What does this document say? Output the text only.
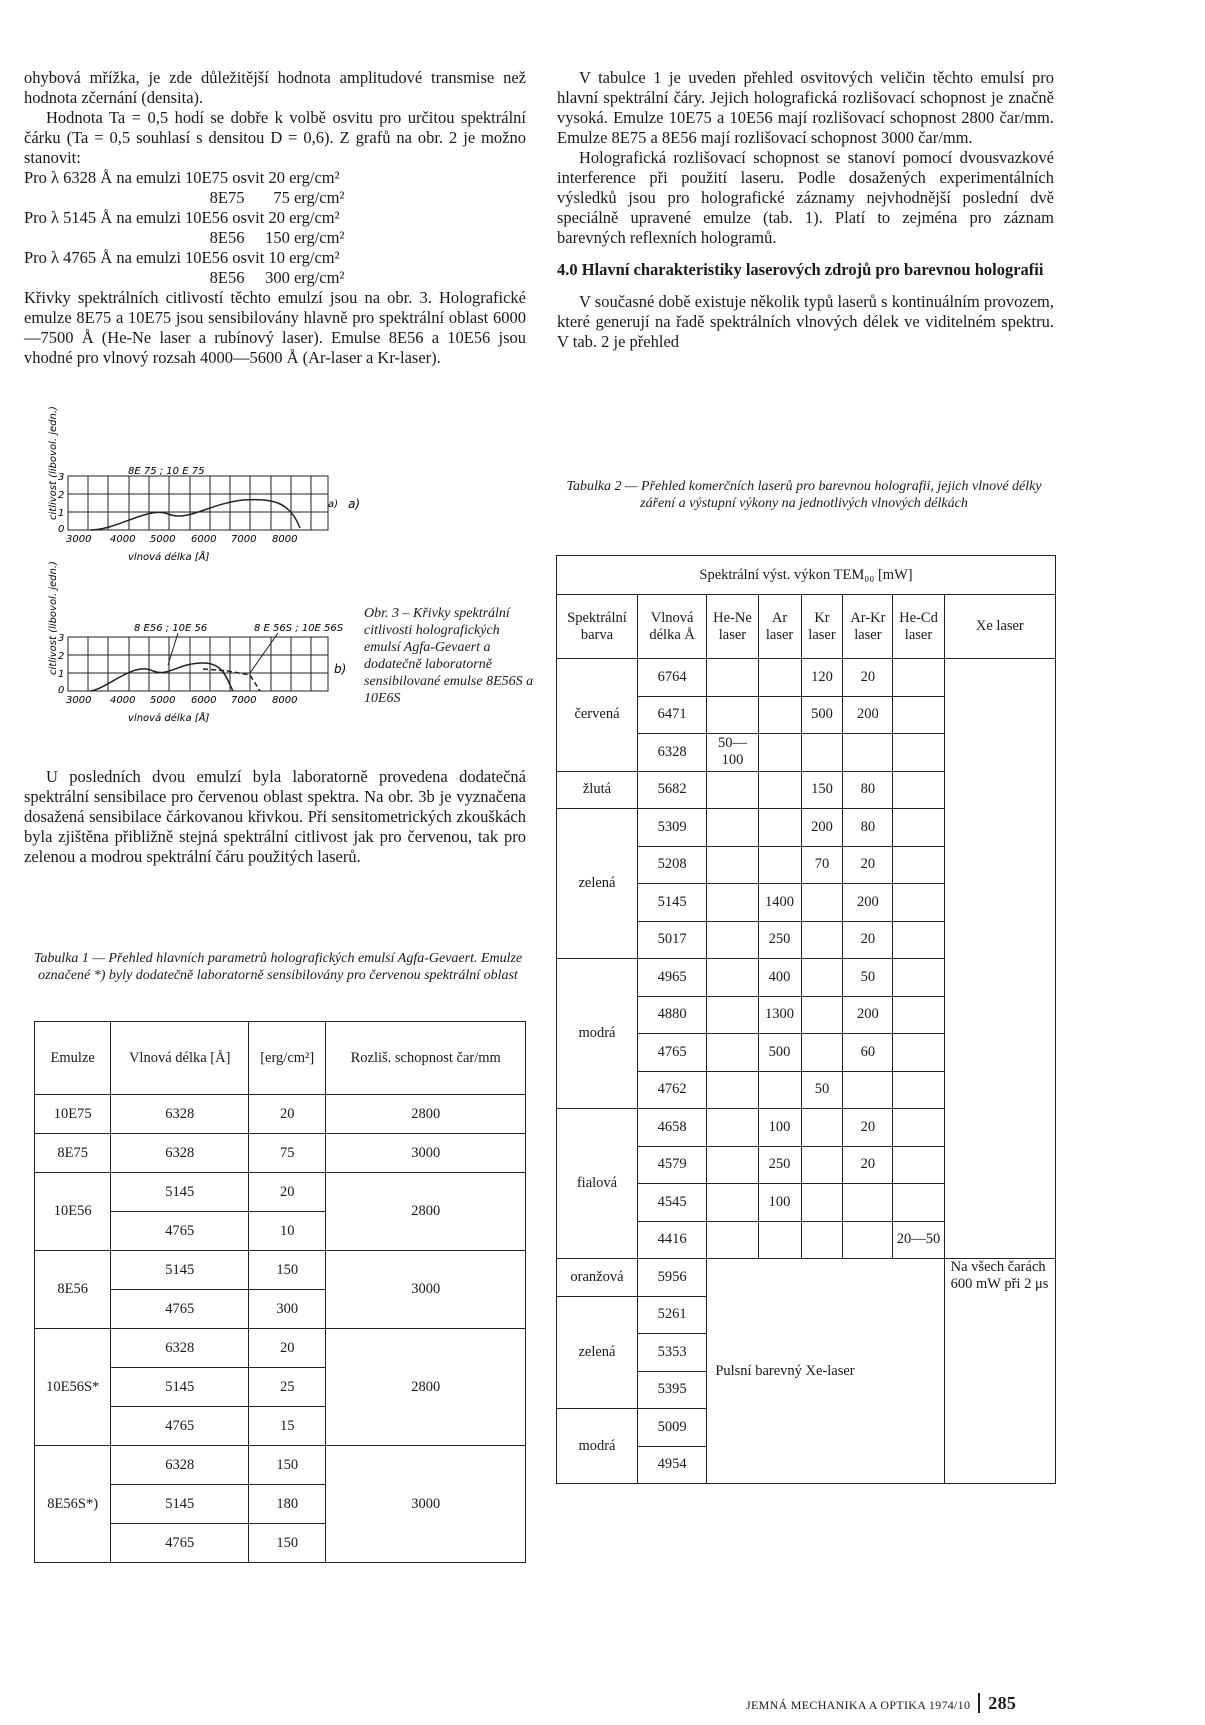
ohybová mřížka, je zde důležitější hodnota amplitudové transmise než hodnota zčernání (densita).

Hodnota Ta = 0,5 hodí se dobře k volbě osvitu pro určitou spektrální čárku (Ta = 0,5 souhlasí s densitou D = 0,6). Z grafů na obr. 2 je možno stanovit:

Pro λ 6328 Å na emulzi 10E75 osvit 20 erg/cm²
8E75       75 erg/cm²
Pro λ 5145 Å na emulzi 10E56 osvit 20 erg/cm²
8E56     150 erg/cm²
Pro λ 4765 Å na emulzi 10E56 osvit 10 erg/cm²
8E56     300 erg/cm²

Křivky spektrálních citlivostí těchto emulzí jsou na obr. 3. Holografické emulze 8E75 a 10E75 jsou sensibilovány hlavně pro spektrální oblast 6000—7500 Å (He-Ne laser a rubínový laser). Emulse 8E56 a 10E56 jsou vhodné pro vlnový rozsah 4000—5600 Å (Ar-laser a Kr-laser).

citlivost (libovol. jedn.)	8E 75 ; 10 E 75
3
2
1
0
3000 4000 5000 6000 7000 8000
a)
vlnová délka [Å]
a)
citlivost (libovol. jedn.)	8 E56 ; 10E 56	8 E 56S ; 10E 56S
3
2
1
0
3000 4000 5000 6000 7000 8000
b)
vlnová délka [Å]
Obr. 3 – Křivky spektrální citlivosti holografických emulsí Agfa-Gevaert a dodatečně laboratorně sensibilované emulse 8E56S a 10E6S

U posledních dvou emulzí byla laboratorně provedena dodatečná spektrální sensibilace pro červenou oblast spektra. Na obr. 3b je vyznačena dosažená sensibilace čárkovanou křivkou. Při sensitometrických zkouškách byla zjištěna přibližně stejná spektrální citlivost jak pro červenou, tak pro zelenou a modrou spektrální čáru použitých laserů.

Tabulka 1 — Přehled hlavních parametrů holografických emulsí Agfa-Gevaert. Emulze označené *) byly dodatečně laboratorně sensibilovány pro červenou spektrální oblast
Emulze	Vlnová délka [Å]	[erg/cm²]	Rozliš. schopnost čar/mm
10E75	6328	20	2800
8E75	6328	75	3000
10E56	5145	20	2800
	4765	10	
8E56	5145	150	3000
	4765	300	
10E56S*	6328	20	2800
	5145	25	
	4765	15	
8E56S*)	6328	150	3000
	5145	180	
	4765	150	

V tabulce 1 je uveden přehled osvitových veličin těchto emulsí pro hlavní spektrální čáry. Jejich holografická rozlišovací schopnost je značně vysoká. Emulze 10E75 a 10E56 mají rozlišovací schopnost 2800 čar/mm. Emulze 8E75 a 8E56 mají rozlišovací schopnost 3000 čar/mm.

Holografická rozlišovací schopnost se stanoví pomocí dvousvazkové interference při použití laseru. Podle dosažených experimentálních výsledků jsou pro holografické záznamy nejvhodnější poslední dvě speciálně upravené emulze (tab. 1). Platí to zejména pro záznam barevných reflexních hologramů.

4.0 Hlavní charakteristiky laserových zdrojů pro barevnou holografii

V současné době existuje několik typů laserů s kontinuálním provozem, které generují na řadě spektrálních vlnových délek ve viditelném spektru. V tab. 2 je přehled

Tabulka 2 — Přehled komerčních laserů pro barevnou holografii, jejich vlnové délky záření a výstupní výkony na jednotlivých vlnových délkách
Spektrální výst. výkon TEM₀₀ [mW]							
Spektrální barva	Vlnová délka Å	He-Ne laser	Ar laser	Kr laser	Ar-Kr laser	He-Cd laser	Xe laser
červená	6764			120	20		
	6471			500	200		
	6328	50—100					
žlutá	5682			150	80		
zelená	5309			200	80		
	5208			70	20		
	5145		1400		200		
	5017		250		20		
modrá	4965		400		50		
	4880		1300		200		
	4765		500		60		
	4762			50			
fialová	4658		100		20		
	4579		250		20		
	4545		100				
	4416					20—50	
oranžová	5956	Pulsní barevný Xe-laser					Na všech čarách 600 mW při 2 μs
zelená	5261						
	5353						
	5395						
modrá	5009						
	4954						
JEMNÁ MECHANIKA A OPTIKA 1974/10 285
